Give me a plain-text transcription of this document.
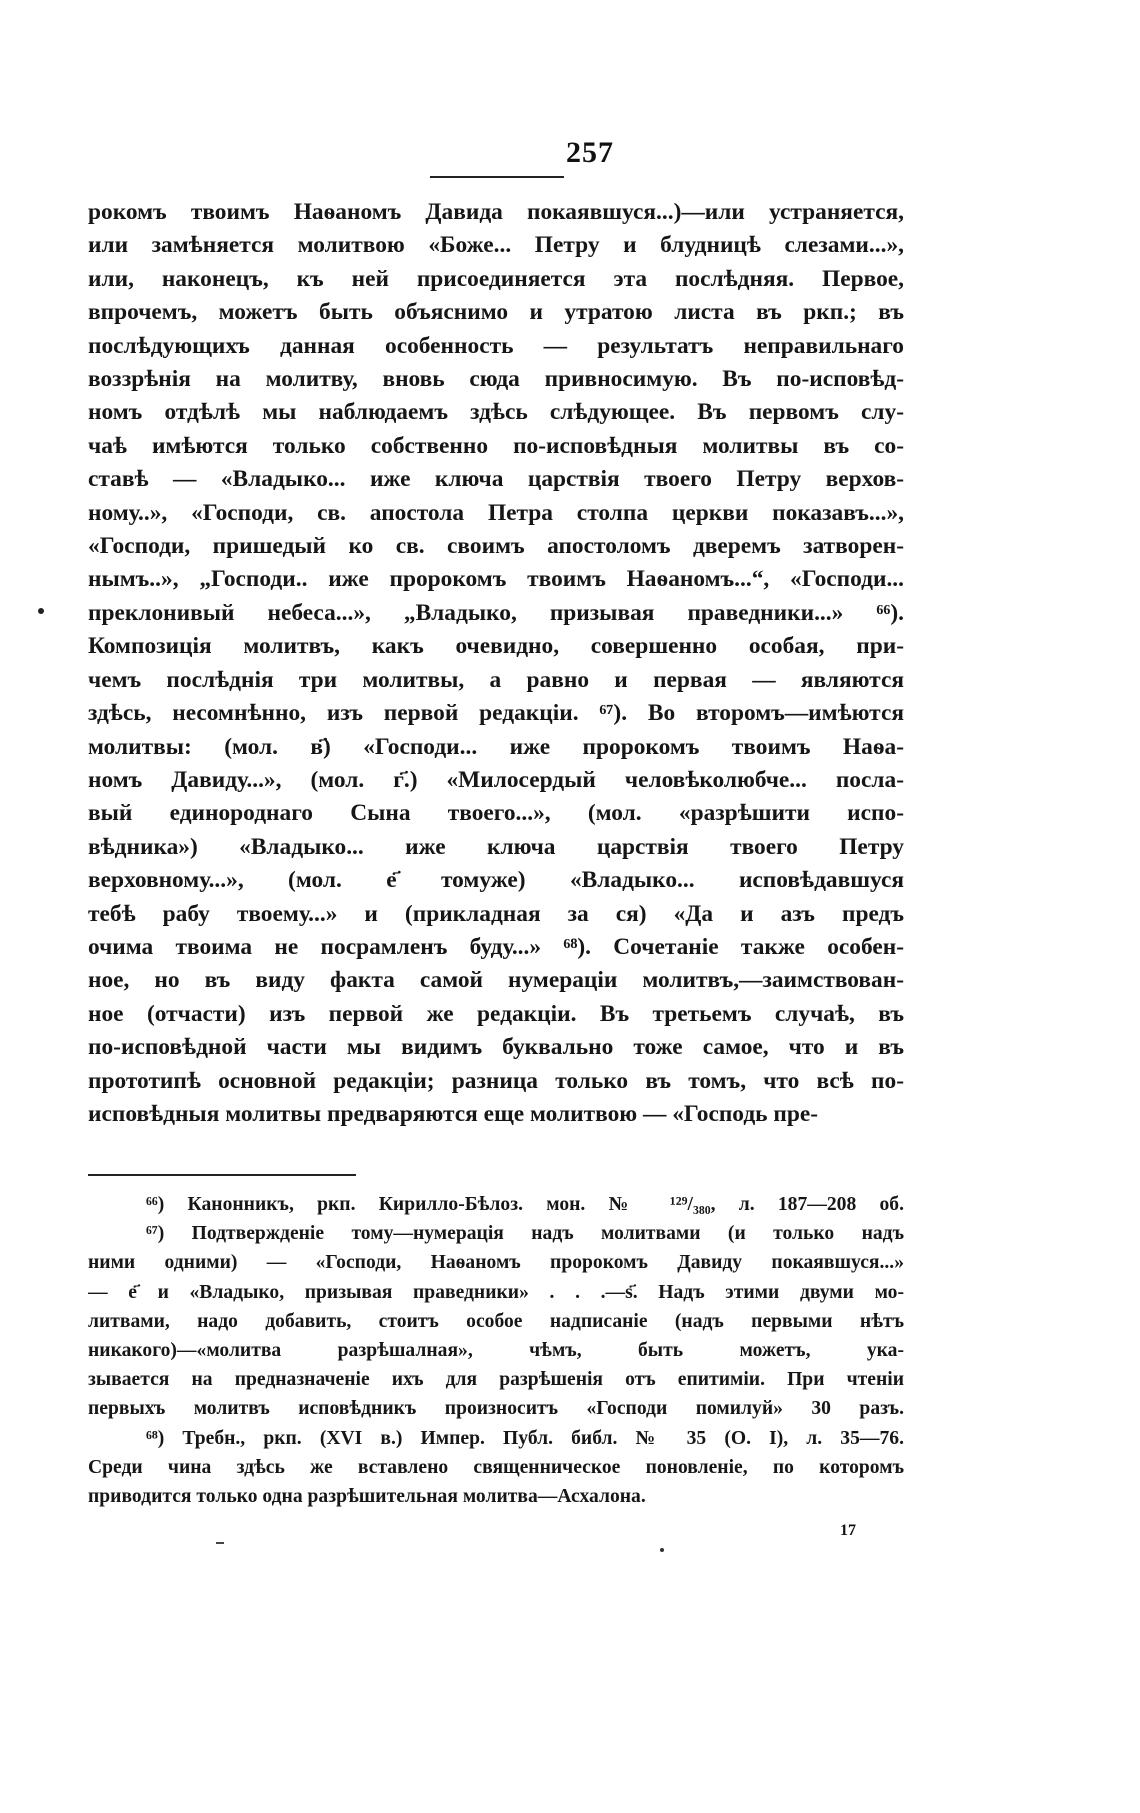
257
рокомъ твоимъ Наѳаномъ Давида покаявшуся...)—или устраняется,
или замѣняется молитвою «Боже... Петру и блудницѣ слезами...»,
или, наконецъ, къ ней присоединяется эта послѣдняя. Первое,
впрочемъ, можетъ быть объяснимо и утратою листа въ ркп.; въ
послѣдующихъ данная особенность — результатъ неправильнаго
воззрѣнія на молитву, вновь сюда привносимую. Въ по-исповѣд-
номъ отдѣлѣ мы наблюдаемъ здѣсь слѣдующее. Въ первомъ слу-
чаѣ имѣются только собственно по-исповѣдныя молитвы въ со-
ставѣ — «Владыко... иже ключа царствія твоего Петру верхов-
ному..», «Господи, св. апостола Петра столпа церкви показавъ...»,
«Господи, пришедый ко св. своимъ апостоломъ дверемъ затворен-
нымъ..», „Господи.. иже пророкомъ твоимъ Наѳаномъ...“, «Господи...
преклонивый небеса...», „Владыко, призывая праведники...» ⁶⁶).
Композиція молитвъ, какъ очевидно, совершенно особая, при-
чемъ послѣднія три молитвы, а равно и первая — являются
здѣсь, несомнѣнно, изъ первой редакціи. ⁶⁷). Во второмъ—имѣются
молитвы: (мол. в҃) «Господи... иже пророкомъ твоимъ Наѳа-
номъ Давиду...», (мол. г҃.) «Милосердый человѣколюбче... посла-
вый единороднаго Сына твоего...», (мол. «разрѣшити испо-
вѣдника») «Владыко... иже ключа царствія твоего Петру
верховному...», (мол. е҃ томуже) «Владыко... исповѣдавшуся
тебѣ рабу твоему...» и (прикладная за ся) «Да и азъ предъ
очима твоима не посрамленъ буду...» ⁶⁸). Сочетаніе также особен-
ное, но въ виду факта самой нумераціи молитвъ,—заимствован-
ное (отчасти) изъ первой же редакціи. Въ третьемъ случаѣ, въ
по-исповѣдной части мы видимъ буквально тоже самое, что и въ
прототипѣ основной редакціи; разница только въ томъ, что всѣ по-
исповѣдныя молитвы предваряются еще молитвою — «Господь пре-
⁶⁶) Канонникъ, ркп. Кирилло-Бѣлоз. мон. № ¹²⁹/₃₈₀, л. 187—208 об.
⁶⁷) Подтвержденіе тому—нумерація надъ молитвами (и только надъ
ними одними) — «Господи, Наѳаномъ пророкомъ Давиду покаявшуся...»
— е҃ и «Владыко, призывая праведники» . . .—ѕ҃. Надъ этими двуми мо-
литвами, надо добавить, стоитъ особое надписаніе (надъ первыми нѣтъ
никакого)—«молитва разрѣшалная», чѣмъ, быть можетъ, ука-
зывается на предназначеніе ихъ для разрѣшенія отъ епитиміи. При чтеніи
первыхъ молитвъ исповѣдникъ произноситъ «Господи помилуй» 30 разъ.
⁶⁸) Требн., ркп. (XVI в.) Импер. Публ. библ. № 35 (О. I), л. 35—76.
Среди чина здѣсь же вставлено священническое поновленіе, по которомъ
приводится только одна разрѣшительная молитва—Асхалона.
17
